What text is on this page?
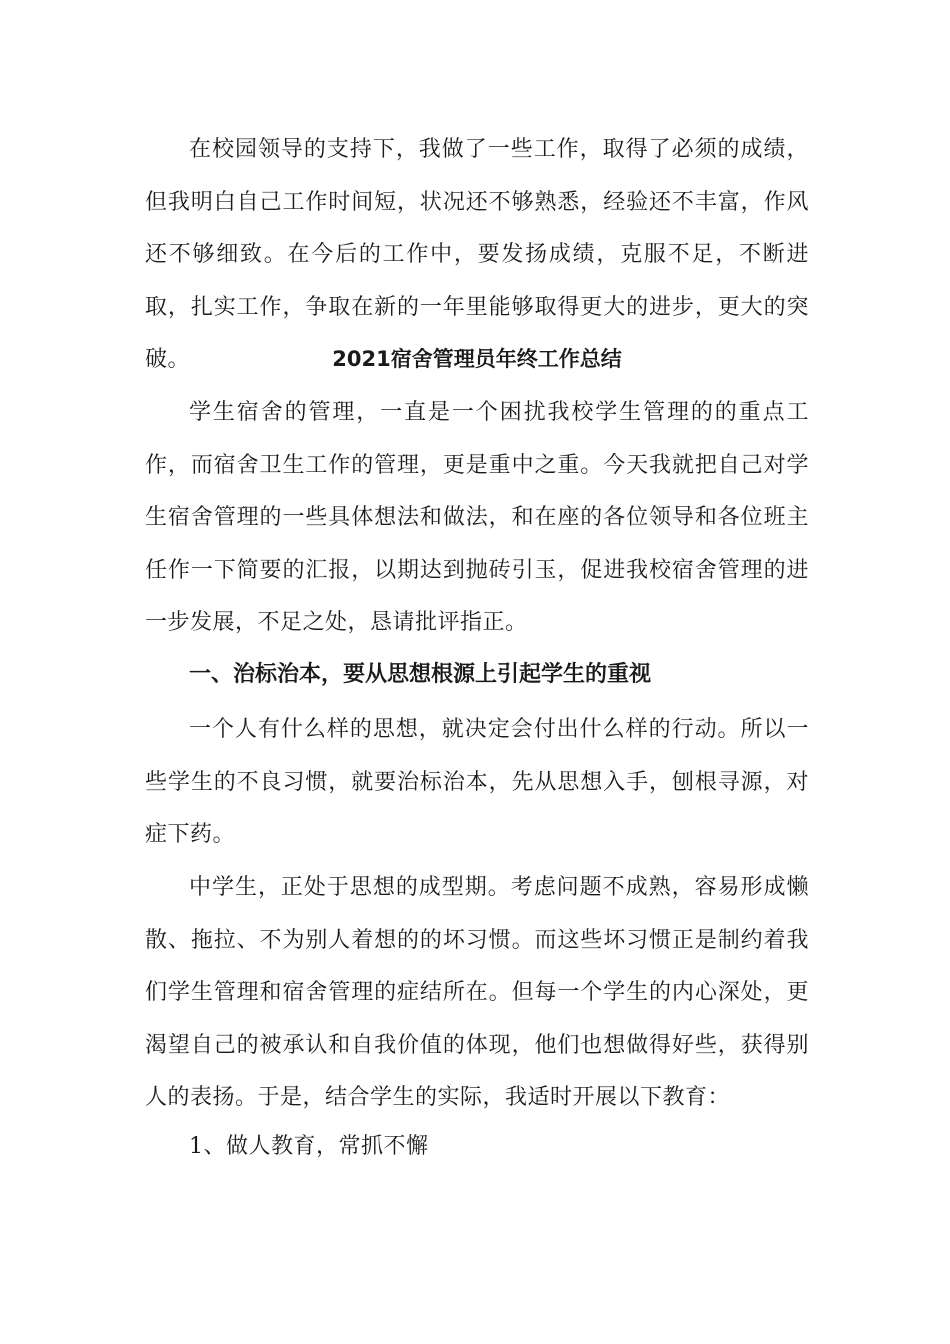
在校园领导的支持下，我做了一些工作，取得了必须的成绩，但我明白自己工作时间短，状况还不够熟悉，经验还不丰富，作风还不够细致。在今后的工作中，要发扬成绩，克服不足，不断进取，扎实工作，争取在新的一年里能够取得更大的进步，更大的突破。	2021宿舍管理员年终工作总结

学生宿舍的管理，一直是一个困扰我校学生管理的的重点工作，而宿舍卫生工作的管理，更是重中之重。今天我就把自己对学生宿舍管理的一些具体想法和做法，和在座的各位领导和各位班主任作一下简要的汇报，以期达到抛砖引玉，促进我校宿舍管理的进一步发展，不足之处，恳请批评指正。

一、治标治本，要从思想根源上引起学生的重视

一个人有什么样的思想，就决定会付出什么样的行动。所以一些学生的不良习惯，就要治标治本，先从思想入手，刨根寻源，对症下药。

中学生，正处于思想的成型期。考虑问题不成熟，容易形成懒散、拖拉、不为别人着想的的坏习惯。而这些坏习惯正是制约着我们学生管理和宿舍管理的症结所在。但每一个学生的内心深处，更渴望自己的被承认和自我价值的体现，他们也想做得好些，获得别人的表扬。于是，结合学生的实际，我适时开展以下教育：

1、做人教育，常抓不懈
